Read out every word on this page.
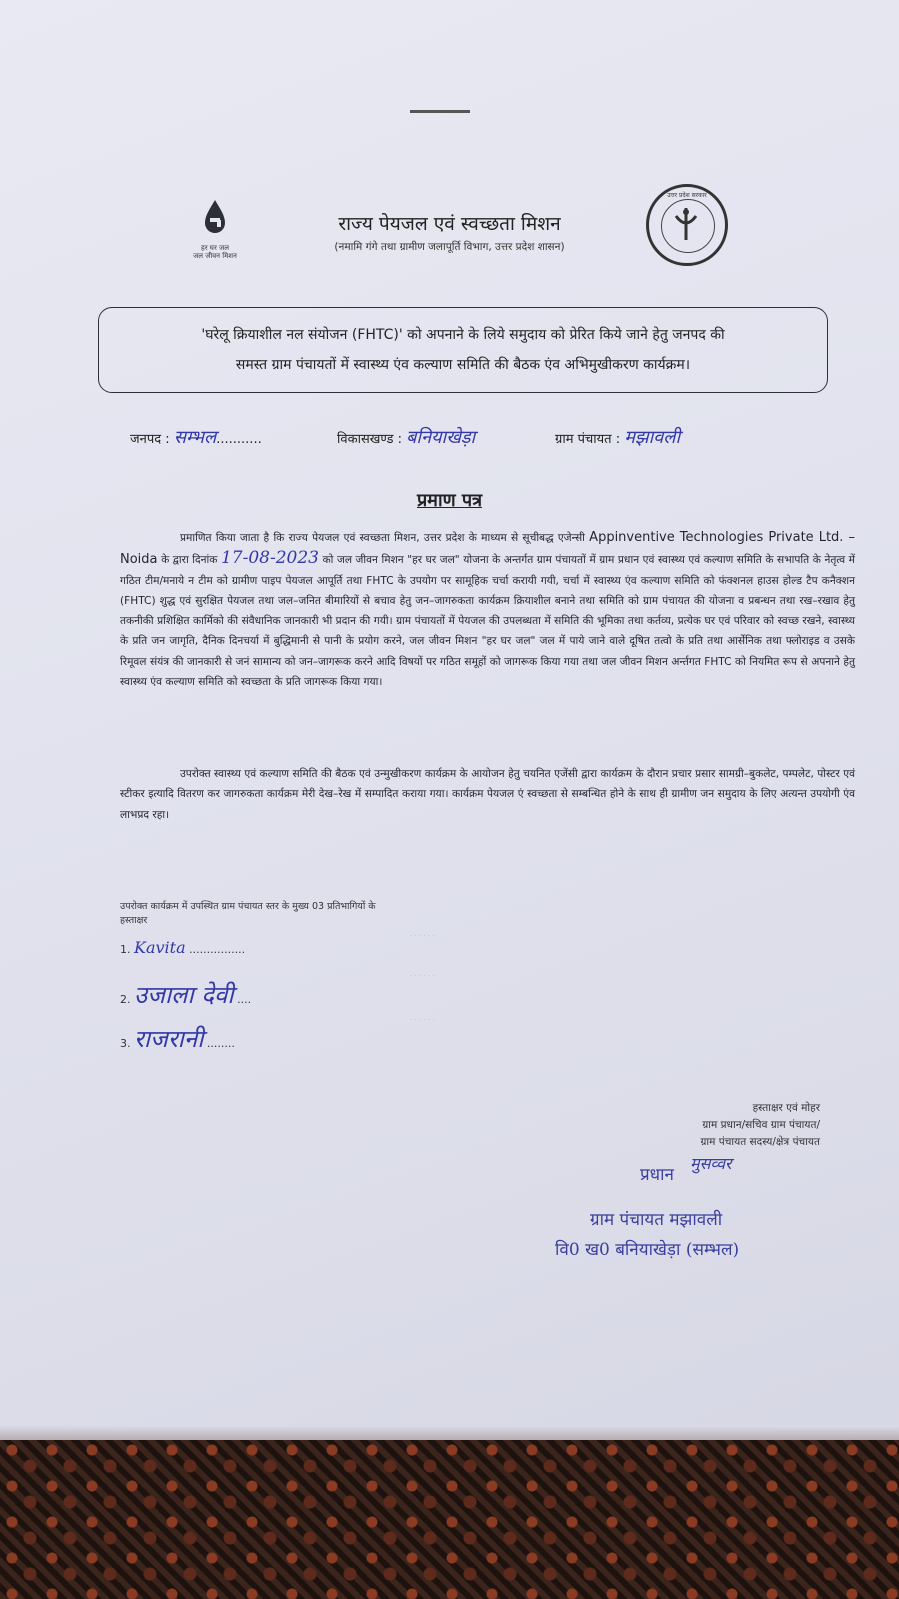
हर घर जल
जल जीवन मिशन
उत्तर प्रदेश सरकार
राज्य पेयजल एवं स्वच्छता मिशन
(नमामि गंगे तथा ग्रामीण जलापूर्ति विभाग, उत्तर प्रदेश शासन)
'घरेलू क्रियाशील नल संयोजन (FHTC)' को अपनाने के लिये समुदाय को प्रेरित किये जाने हेतु जनपद की
समस्त ग्राम पंचायतों में स्वास्थ्य एंव कल्याण समिति की बैठक एंव अभिमुखीकरण कार्यक्रम।
जनपद : सम्भल...........	विकासखण्ड : बनियाखेड़ा	ग्राम पंचायत : मझावली
प्रमाण पत्र

प्रमाणित किया जाता है कि राज्य पेयजल एवं स्वच्छता मिशन, उत्तर प्रदेश के माध्यम से सूचीबद्ध एजेन्सी Appinventive Technologies Private Ltd. – Noida के द्वारा दिनांक 17-08-2023 को जल जीवन मिशन "हर घर जल" योजना के अन्तर्गत ग्राम पंचायतों में ग्राम प्रधान एवं स्वास्थ्य एवं कल्याण समिति के सभापति के नेतृत्व में गठित टीम/मनाये न टीम को ग्रामीण पाइप पेयजल आपूर्ति तथा FHTC के उपयोग पर सामूहिक चर्चा करायी गयी, चर्चा में स्वास्थ्य एंव कल्याण समिति को फंक्शनल हाउस होल्ड टैप कनैक्शन (FHTC) शुद्ध एवं सुरक्षित पेयजल तथा जल–जनित बीमारियों से बचाव हेतु जन–जागरुकता कार्यक्रम क्रियाशील बनाने तथा समिति को ग्राम पंचायत की योजना व प्रबन्धन तथा रख–रखाव हेतु तकनीकी प्रशिक्षित कार्मिको की संवैधानिक जानकारी भी प्रदान की गयी। ग्राम पंचायतों में पेयजल की उपलब्धता में समिति की भूमिका तथा कर्तव्य, प्रत्येक घर एवं परिवार को स्वच्छ रखने, स्वास्थ्य के प्रति जन जागृति, दैनिक दिनचर्या में बुद्धिमानी से पानी के प्रयोग करने, जल जीवन मिशन "हर घर जल" जल में पाये जाने वाले दूषित तत्वो के प्रति तथा आर्सेनिक तथा फ्लोराइड व उसके रिमूवल संयंत्र की जानकारी से जनं सामान्य को जन–जागरूक करने आदि विषयों पर गठित समूहों को जागरूक किया गया तथा जल जीवन मिशन अर्न्तगत FHTC को नियमित रूप से अपनाने हेतु स्वास्थ्य एंव कल्याण समिति को स्वच्छता के प्रति जागरूक किया गया।

उपरोक्त स्वास्थ्य एवं कल्याण समिति की बैठक एवं उन्मुखीकरण कार्यक्रम के आयोजन हेतु चयनित एजेंसी द्वारा कार्यक्रम के दौरान प्रचार प्रसार सामग्री–बुकलेट, पम्पलेट, पोस्टर एवं स्टीकर इत्यादि वितरण कर जागरुकता कार्यक्रम मेरी देख–रेख में सम्पादित कराया गया। कार्यक्रम पेयजल एं स्वच्छता से सम्बन्धित होने के साथ ही ग्रामीण जन समुदाय के लिए अत्यन्त उपयोगी एंव लाभप्रद रहा।

उपरोक्त कार्यक्रम में उपस्थित ग्राम पंचायत स्तर के मुख्य 03 प्रतिभागियों के
हस्ताक्षर
1. Kavita ................
2. उजाला देवी ....
3. राजरानी ........
· · · · · ·
· · · · · ·
· · · · · ·
हस्ताक्षर एवं मोहर
ग्राम प्रधान/सचिव ग्राम पंचायत/
ग्राम पंचायत सदस्य/क्षेत्र पंचायत
मुसव्वर
प्रधान
ग्राम पंचायत मझावली
वि0 ख0 बनियाखेड़ा (सम्भल)
